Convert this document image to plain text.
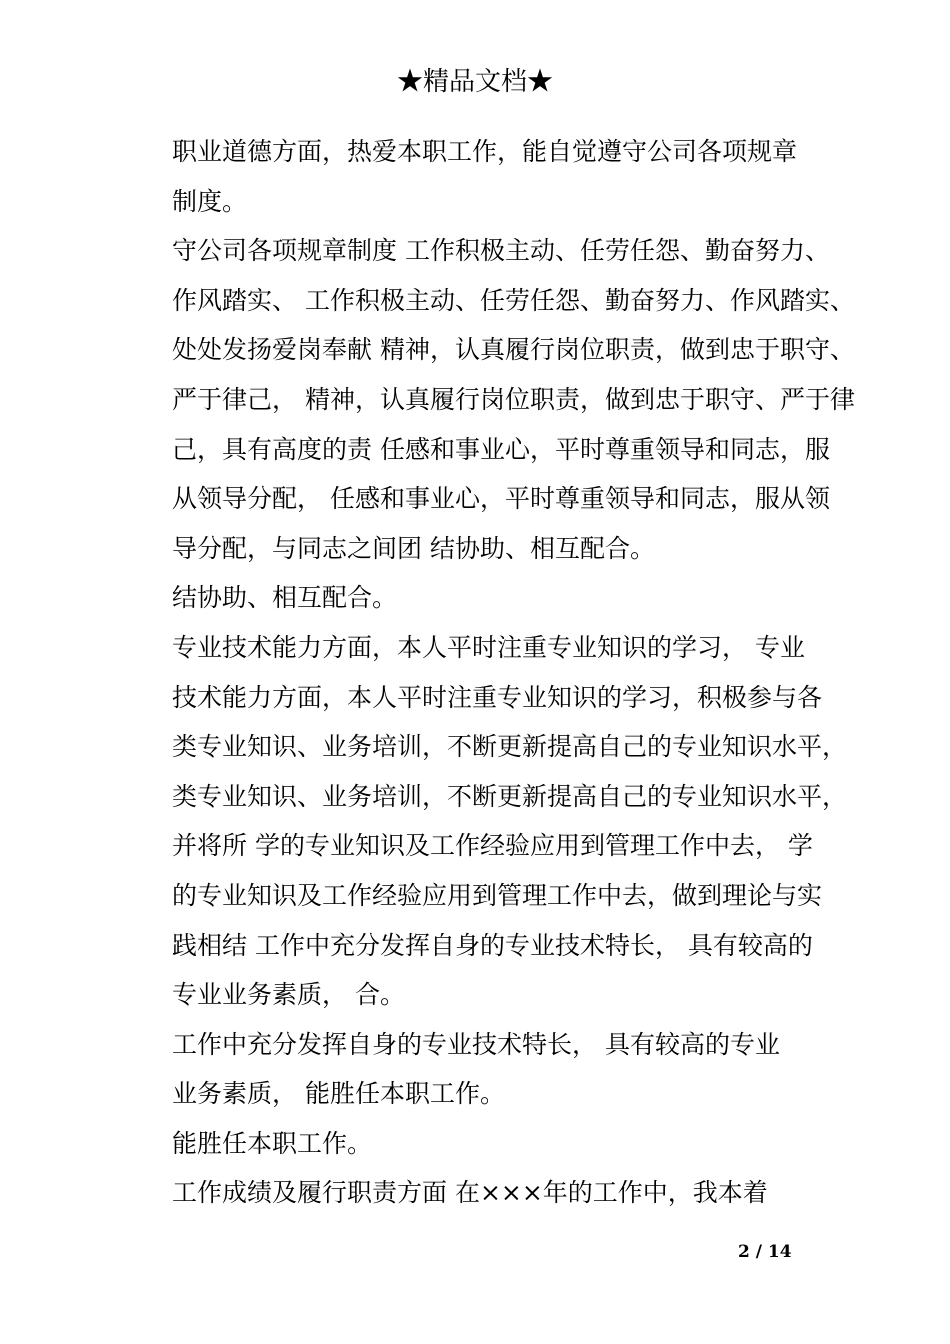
★精品文档★

职业道德方面，热爱本职工作，能自觉遵守公司各项规章
制度。

守公司各项规章制度 工作积极主动、任劳任怨、勤奋努力、
作风踏实、 工作积极主动、任劳任怨、勤奋努力、作风踏实、
处处发扬爱岗奉献 精神，认真履行岗位职责，做到忠于职守、
严于律己， 精神，认真履行岗位职责，做到忠于职守、严于律
己，具有高度的责 任感和事业心，平时尊重领导和同志，服
从领导分配， 任感和事业心，平时尊重领导和同志，服从领
导分配，与同志之间团 结协助、相互配合。

结协助、相互配合。

专业技术能力方面，本人平时注重专业知识的学习， 专业
技术能力方面，本人平时注重专业知识的学习，积极参与各
类专业知识、业务培训，不断更新提高自己的专业知识水平，
类专业知识、业务培训，不断更新提高自己的专业知识水平，
并将所 学的专业知识及工作经验应用到管理工作中去， 学
的专业知识及工作经验应用到管理工作中去，做到理论与实
践相结 工作中充分发挥自身的专业技术特长， 具有较高的
专业业务素质， 合。

工作中充分发挥自身的专业技术特长， 具有较高的专业
业务素质， 能胜任本职工作。

能胜任本职工作。

工作成绩及履行职责方面 在×××年的工作中，我本着

2 / 14
